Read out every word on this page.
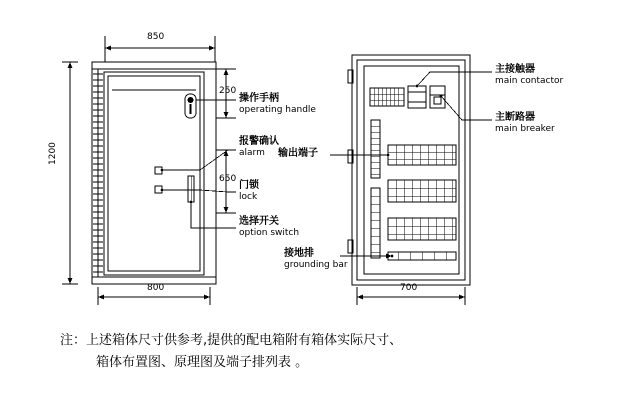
850
800
1200
250
650
700
操作手柄
operating handle
报警确认
alarm
门锁
lock
选择开关
option switch
主接触器
main contactor
主断路器
main breaker
输出端子
接地排
grounding bar
注：上述箱体尺寸供参考,提供的配电箱附有箱体实际尺寸、
箱体布置图、原理图及端子排列表 。
